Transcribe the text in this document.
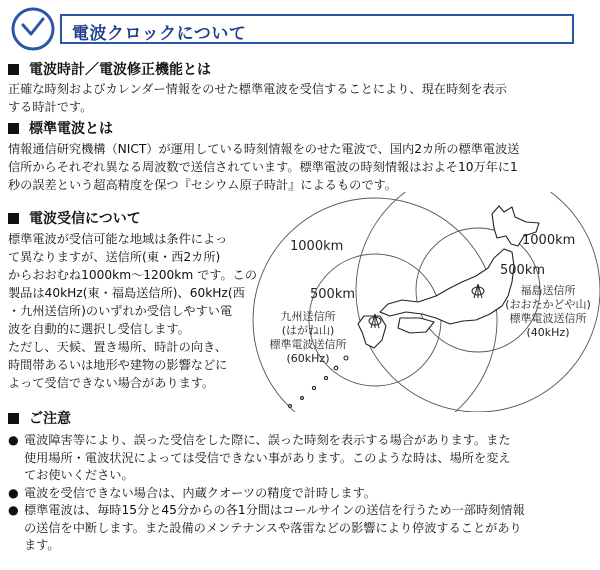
電波クロックについて
電波時計／電波修正機能とは
正確な時刻およびカレンダー情報をのせた標準電波を受信することにより、現在時刻を表示
する時計です。
標準電波とは
情報通信研究機構（NICT）が運用している時刻情報をのせた電波で、国内2カ所の標準電波送
信所からそれぞれ異なる周波数で送信されています。標準電波の時刻情報はおよそ10万年に1
秒の誤差という超高精度を保つ『セシウム原子時計』によるものです。
電波受信について
標準電波が受信可能な地域は条件によっ
て異なりますが、送信所(東・西2カ所)
からおおむね1000km～1200km です。この
製品は40kHz(東・福島送信所)、60kHz(西
・九州送信所)のいずれか受信しやすい電
波を自動的に選択し受信します。
ただし、天候、置き場所、時計の向き、
時間帯あるいは地形や建物の影響などに
よって受信できない場合があります。
1000km
500km
1000km
500km
九州送信所
(はがね山)
標準電波送信所
(60kHz)
福島送信所
(おおたかどや山)
標準電波送信所
(40kHz)
ご注意
● 電波障害等により、誤った受信をした際に、誤った時刻を表示する場合があります。また
使用場所・電波状況によっては受信できない事があります。このような時は、場所を変え
てお使いください。
● 電波を受信できない場合は、内蔵クオーツの精度で計時します。
● 標準電波は、毎時15分と45分からの各1分間はコールサインの送信を行うため一部時刻情報
の送信を中断します。また設備のメンテナンスや落雷などの影響により停波することがあり
ます。
